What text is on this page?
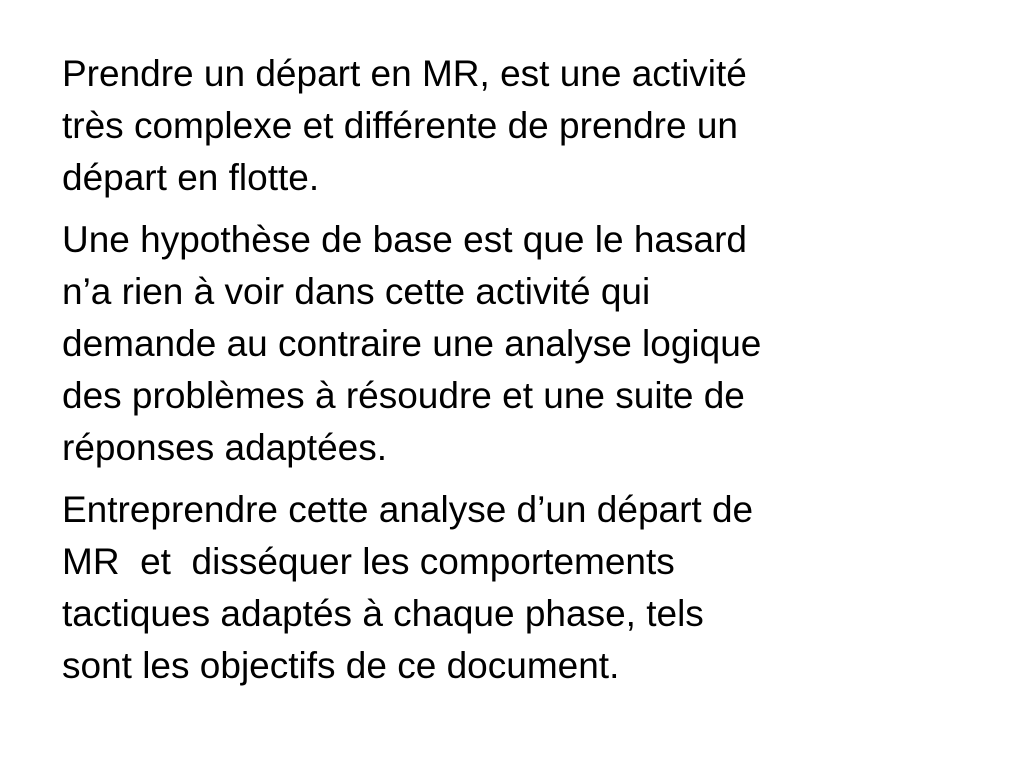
Prendre un départ en MR, est une activité
très complexe et différente de prendre un
départ en flotte.

Une hypothèse de base est que le hasard
n’a rien à voir dans cette activité qui
demande au contraire une analyse logique
des problèmes à résoudre et une suite de
réponses adaptées.

Entreprendre cette analyse d’un départ de
MR  et  disséquer les comportements
tactiques adaptés à chaque phase, tels
sont les objectifs de ce document.
